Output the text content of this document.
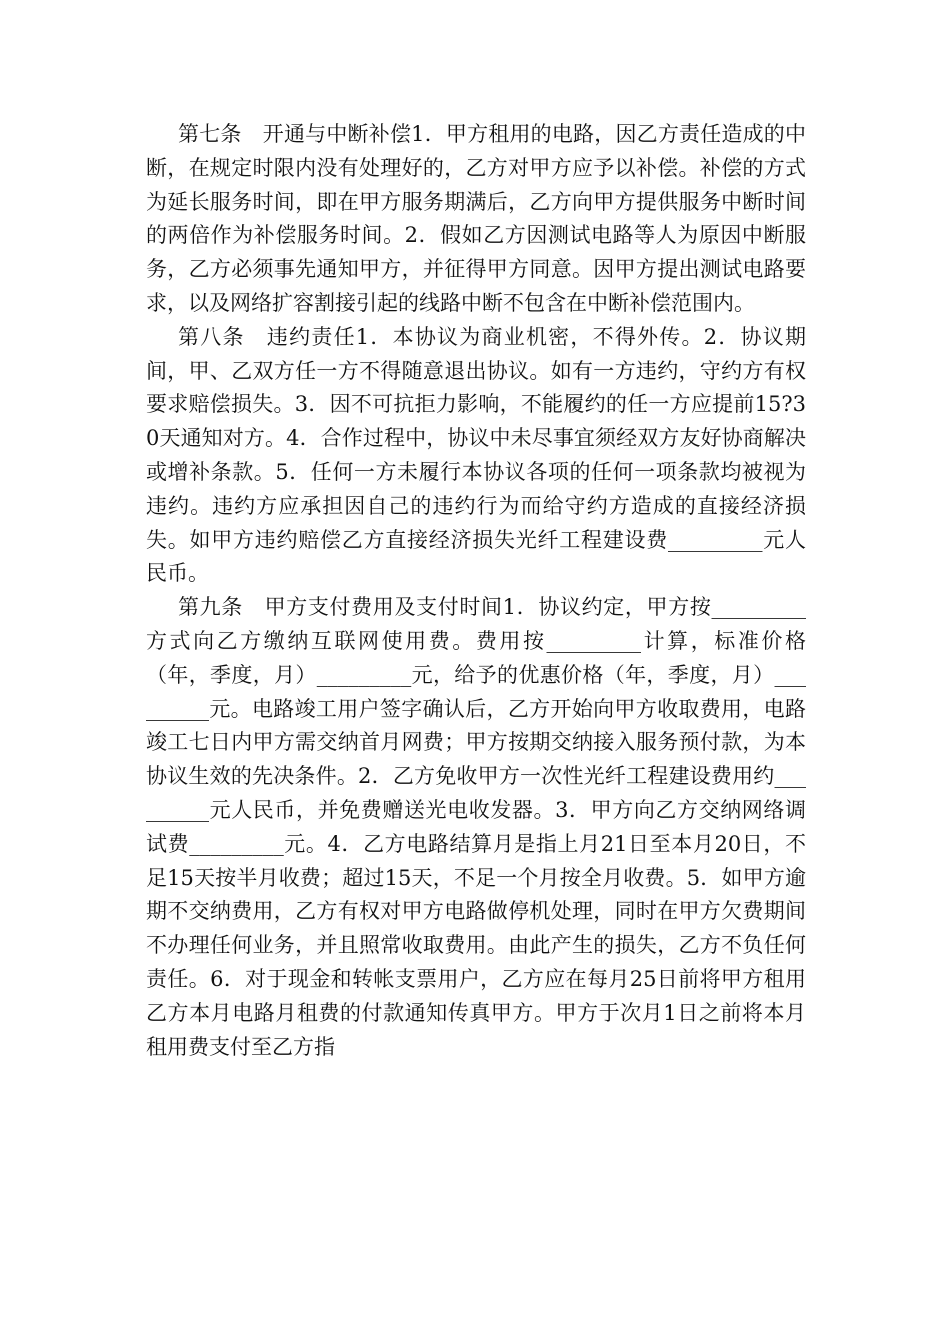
第七条　开通与中断补偿1．甲方租用的电路，因乙方责任造成的中断，在规定时限内没有处理好的，乙方对甲方应予以补偿。补偿的方式为延长服务时间，即在甲方服务期满后，乙方向甲方提供服务中断时间的两倍作为补偿服务时间。2．假如乙方因测试电路等人为原因中断服务，乙方必须事先通知甲方，并征得甲方同意。因甲方提出测试电路要求，以及网络扩容割接引起的线路中断不包含在中断补偿范围内。

第八条　违约责任1．本协议为商业机密，不得外传。2．协议期间，甲、乙双方任一方不得随意退出协议。如有一方违约，守约方有权要求赔偿损失。3．因不可抗拒力影响，不能履约的任一方应提前15?30天通知对方。4．合作过程中，协议中未尽事宜须经双方友好协商解决或增补条款。5．任何一方未履行本协议各项的任何一项条款均被视为违约。违约方应承担因自己的违约行为而给守约方造成的直接经济损失。如甲方违约赔偿乙方直接经济损失光纤工程建设费_________元人民币。

第九条　甲方支付费用及支付时间1．协议约定，甲方按_________方式向乙方缴纳互联网使用费。费用按_________计算，标准价格（年，季度，月）_________元，给予的优惠价格（年，季度，月）_________元。电路竣工用户签字确认后，乙方开始向甲方收取费用，电路竣工七日内甲方需交纳首月网费；甲方按期交纳接入服务预付款，为本协议生效的先决条件。2．乙方免收甲方一次性光纤工程建设费用约_________元人民币，并免费赠送光电收发器。3．甲方向乙方交纳网络调试费_________元。4．乙方电路结算月是指上月21日至本月20日，不足15天按半月收费；超过15天，不足一个月按全月收费。5．如甲方逾期不交纳费用，乙方有权对甲方电路做停机处理，同时在甲方欠费期间不办理任何业务，并且照常收取费用。由此产生的损失，乙方不负任何责任。6．对于现金和转帐支票用户，乙方应在每月25日前将甲方租用乙方本月电路月租费的付款通知传真甲方。甲方于次月1日之前将本月租用费支付至乙方指
